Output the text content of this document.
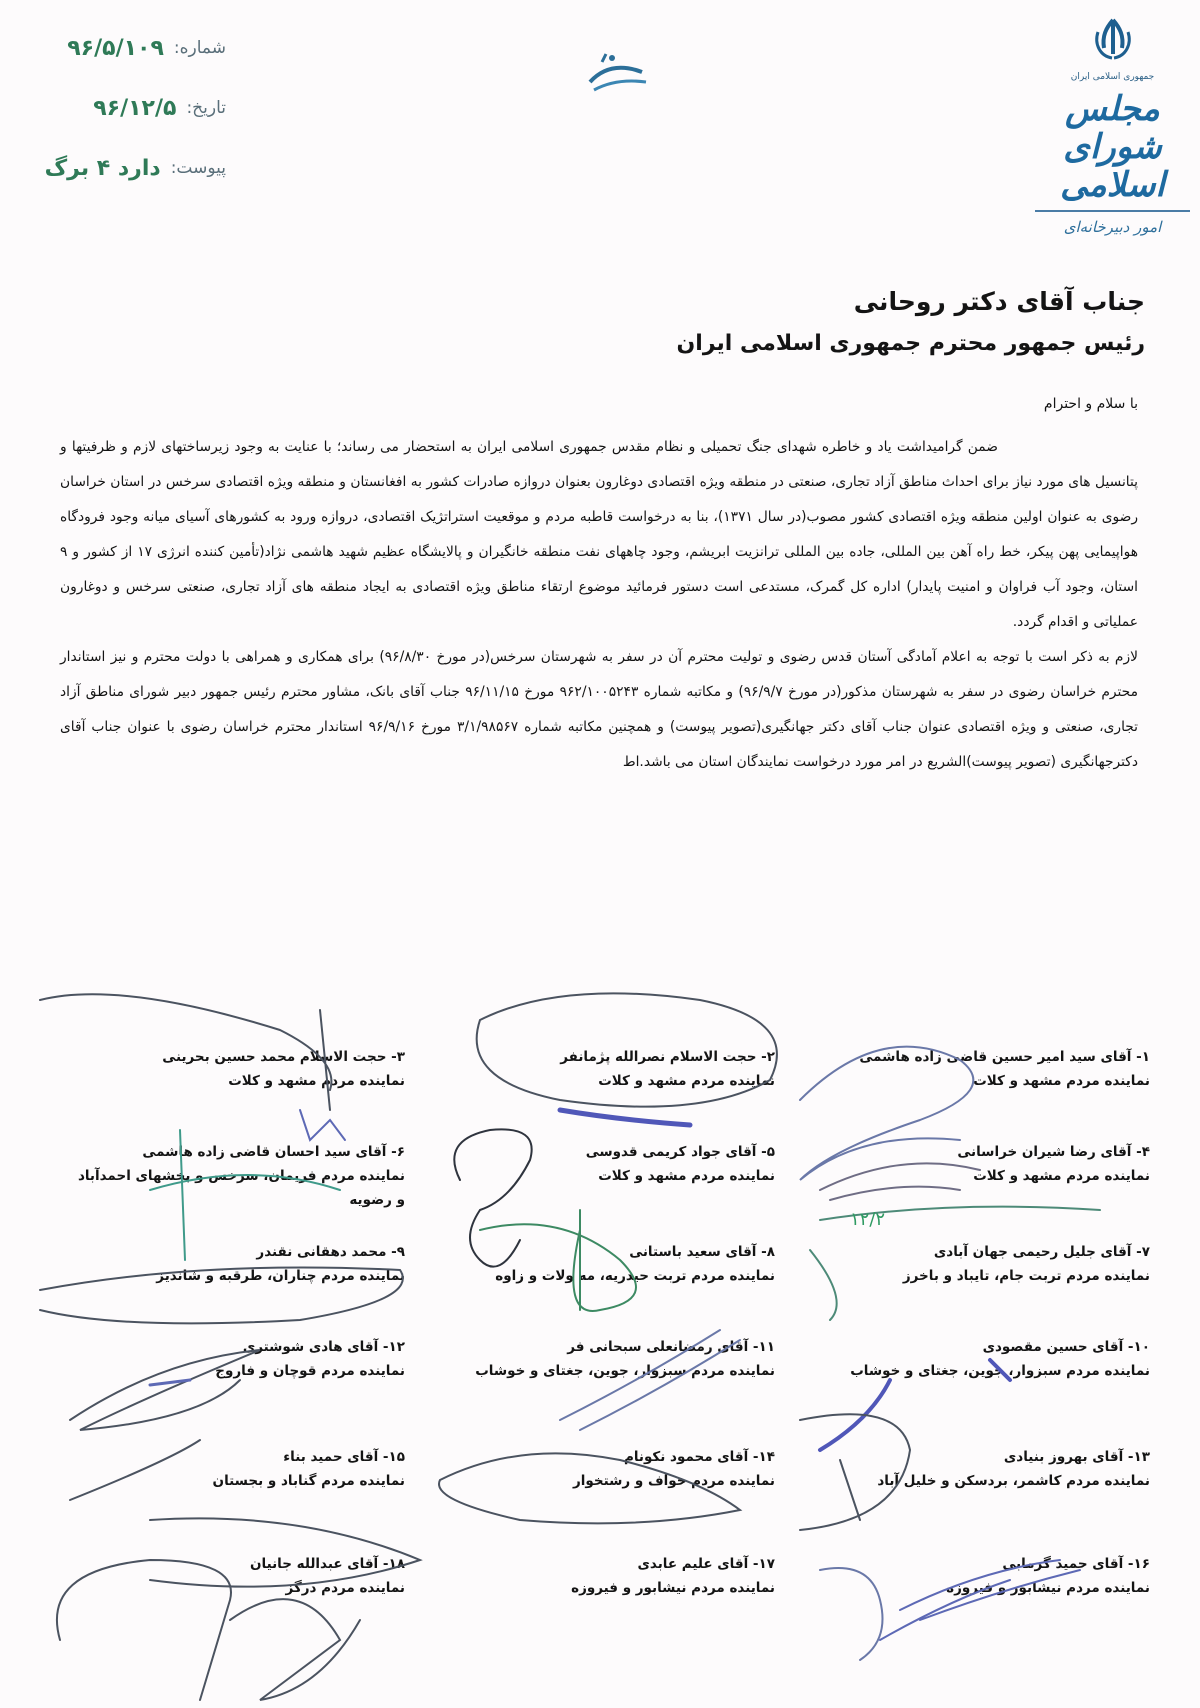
شماره:
۹۶/۵/۱۰۹
تاریخ:
۹۶/۱۲/۵
پیوست:
دارد ۴ برگ
جمهوری اسلامی ایران
مجلس شورای اسلامی
امور دبیرخانه‌ای
جناب آقای دکتر روحانی
رئیس جمهور محترم جمهوری اسلامی ایران
با سلام و احترام

ضمن گرامیداشت یاد و خاطره شهدای جنگ تحمیلی و نظام مقدس جمهوری اسلامی ایران به استحضار می رساند؛ با عنایت به وجود زیرساختهای لازم و ظرفیتها و پتانسیل های مورد نیاز برای احداث مناطق آزاد تجاری، صنعتی در منطقه ویژه اقتصادی دوغارون بعنوان دروازه صادرات کشور به افغانستان و منطقه ویژه اقتصادی سرخس در استان خراسان رضوی به عنوان اولین منطقه ویژه اقتصادی کشور مصوب(در سال ۱۳۷۱)، بنا به درخواست قاطبه مردم و موقعیت استراتژیک اقتصادی، دروازه ورود به کشورهای آسیای میانه وجود فرودگاه هواپیمایی پهن پیکر، خط راه آهن بین المللی، جاده بین المللی ترانزیت ابریشم، وجود چاههای نفت منطقه خانگیران و پالایشگاه عظیم شهید هاشمی نژاد(تأمین کننده انرژی ۱۷ از کشور و ۹ استان، وجود آب فراوان و امنیت پایدار) اداره کل گمرک، مستدعی است دستور فرمائید موضوع ارتقاء مناطق ویژه اقتصادی به ایجاد منطقه های آزاد تجاری، صنعتی سرخس و دوغارون عملیاتی و اقدام گردد.

لازم به ذکر است با توجه به اعلام آمادگی آستان قدس رضوی و تولیت محترم آن در سفر به شهرستان سرخس(در مورخ ۹۶/۸/۳۰) برای همکاری و همراهی با دولت محترم و نیز استاندار محترم خراسان رضوی در سفر به شهرستان مذکور(در مورخ ۹۶/۹/۷) و مکاتبه شماره ۹۶۲/۱۰۰۵۲۴۳ مورخ ۹۶/۱۱/۱۵ جناب آقای بانک، مشاور محترم رئیس جمهور دبیر شورای مناطق آزاد تجاری، صنعتی و ویژه اقتصادی عنوان جناب آقای دکتر جهانگیری(تصویر پیوست) و همچنین مکاتبه شماره ۳/۱/۹۸۵۶۷ مورخ ۹۶/۹/۱۶ استاندار محترم خراسان رضوی با عنوان جناب آقای دکترجهانگیری (تصویر پیوست)الشریع در امر مورد درخواست نمایندگان استان می باشد.اط

۱- آقای سید امیر حسین قاضی زاده هاشمی
نماینده مردم مشهد و کلات
۲- حجت الاسلام نصرالله پژمانفر
نماینده مردم مشهد و کلات
۳- حجت الاسلام محمد حسین بحرینی
نماینده مردم مشهد و کلات
۴- آقای رضا شیران خراسانی
نماینده مردم مشهد و کلات
۵- آقای جواد کریمی قدوسی
نماینده مردم مشهد و کلات
۶- آقای سید احسان قاضی زاده هاشمی
نماینده مردم فریمان، سرخس و بخشهای احمدآباد و رضویه
۷- آقای جلیل رحیمی جهان آبادی
نماینده مردم تربت جام، تایباد و باخرز
۸- آقای سعید باستانی
نماینده مردم تربت حیدریه، مه ولات و زاوه
۹- محمد دهقانی نقندر
نماینده مردم چناران، طرقبه و شاندیز
۱۰- آقای حسین مقصودی
نماینده مردم سبزوار، جوین، جغتای و خوشاب
۱۱- آقای رمضانعلی سبحانی فر
نماینده مردم سبزوار، جوین، جغتای و خوشاب
۱۲- آقای هادی شوشتری
نماینده مردم قوچان و فاروج
۱۳- آقای بهروز بنیادی
نماینده مردم کاشمر، بردسکن و خلیل آباد
۱۴- آقای محمود نکونام
نماینده مردم خواف و رشتخوار
۱۵- آقای حمید بناء
نماینده مردم گناباد و بجستان
۱۶- آقای حمید گرمابی
نماینده مردم نیشابور و فیروزه
۱۷- آقای علیم عابدی
نماینده مردم نیشابور و فیروزه
۱۸- آقای عبدالله جانیان
نماینده مردم درگز
۱۲/۲
